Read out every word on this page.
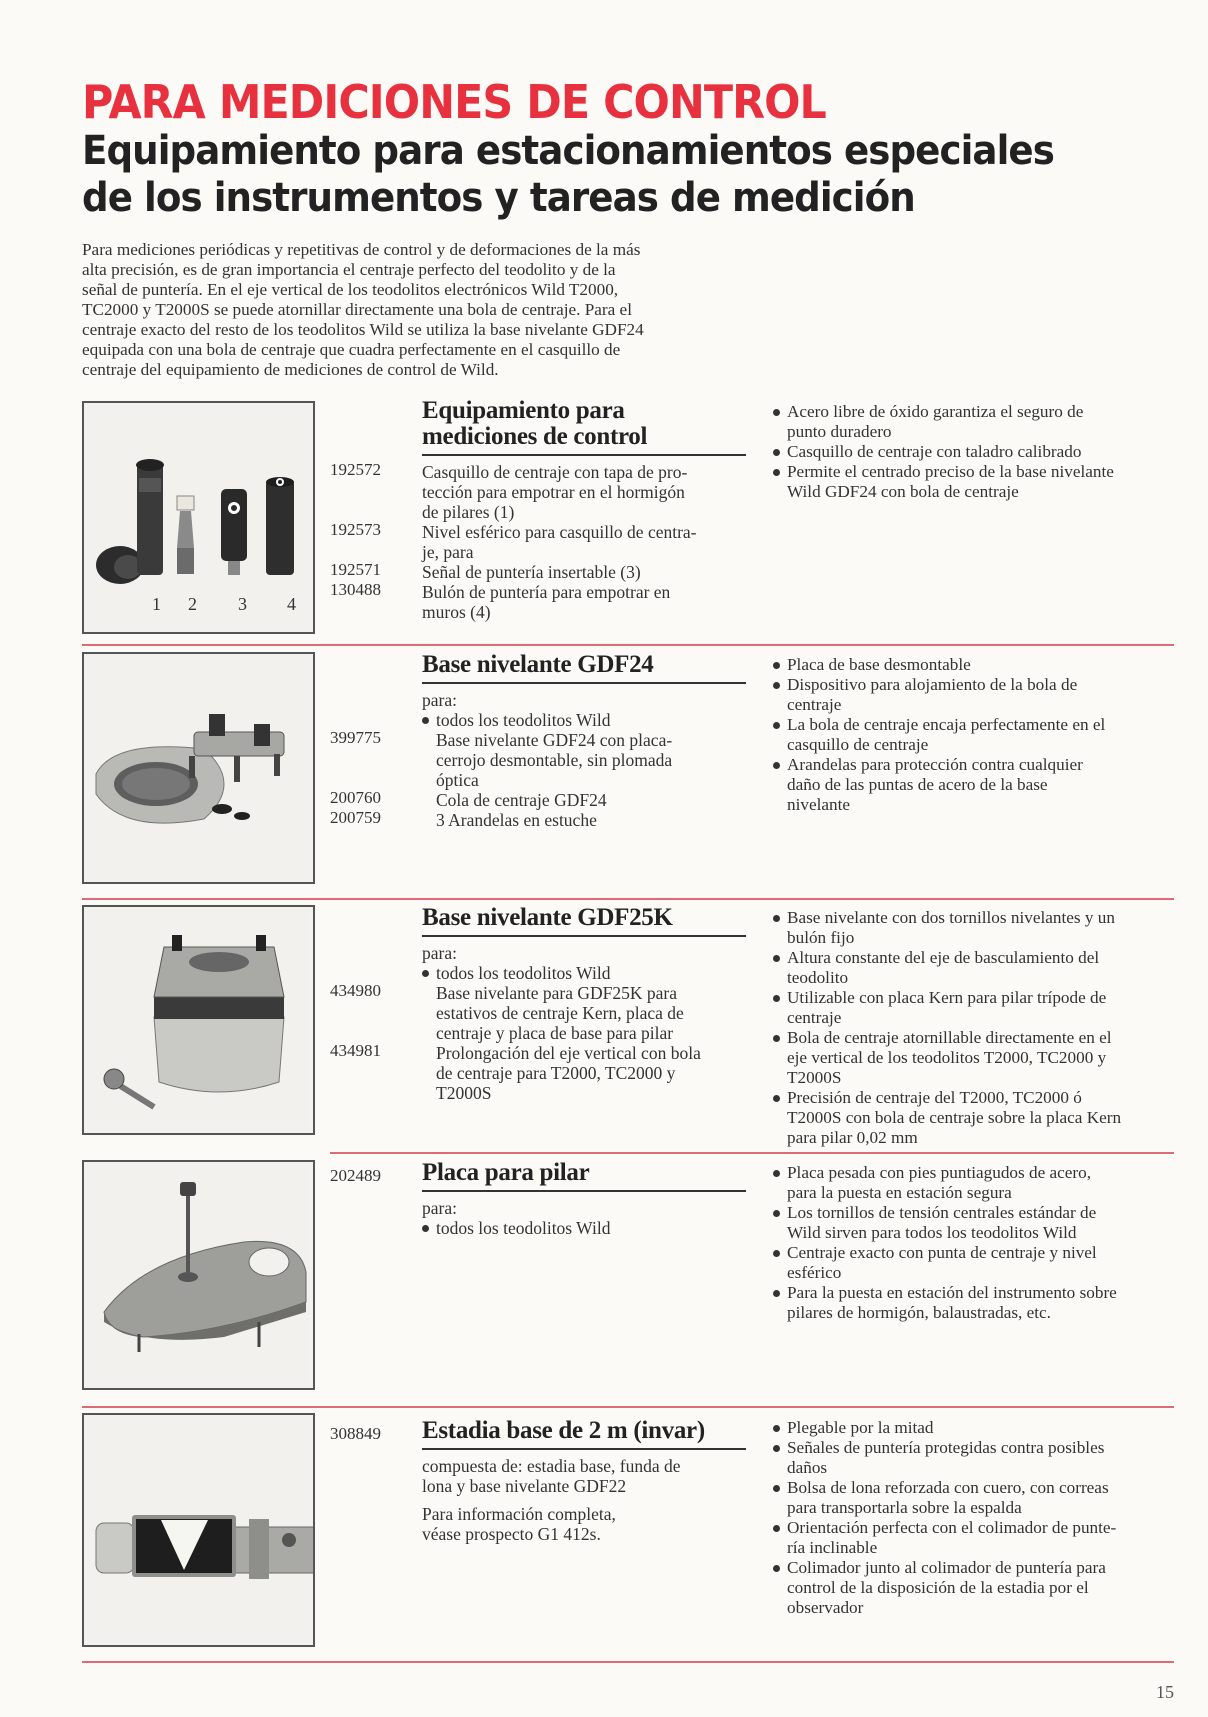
PARA MEDICIONES DE CONTROL
Equipamiento para estacionamientos especiales
de los instrumentos y tareas de medición
Para mediciones periódicas y repetitivas de control y de deformaciones de la más
alta precisión, es de gran importancia el centraje perfecto del teodolito y de la
señal de puntería. En el eje vertical de los teodolitos electrónicos Wild T2000,
TC2000 y T2000S se puede atornillar directamente una bola de centraje. Para el
centraje exacto del resto de los teodolitos Wild se utiliza la base nivelante GDF24
equipada con una bola de centraje que cuadra perfectamente en el casquillo de
centraje del equipamiento de mediciones de control de Wild.
1 2 3 4
Equipamiento para
mediciones de control
Casquillo de centraje con tapa de pro-
tección para empotrar en el hormigón
de pilares (1)
Nivel esférico para casquillo de centra-
je, para
Señal de puntería insertable (3)
Bulón de puntería para empotrar en
muros (4)
192572
192573
192571
130488
Acero libre de óxido garantiza el seguro de
punto duradero
Casquillo de centraje con taladro calibrado
Permite el centrado preciso de la base nivelante
Wild GDF24 con bola de centraje
Base nivelante GDF24
para:
todos los teodolitos Wild
Base nivelante GDF24 con placa-
cerrojo desmontable, sin plomada
óptica
Cola de centraje GDF24
3 Arandelas en estuche
399775
200760
200759
Placa de base desmontable
Dispositivo para alojamiento de la bola de
centraje
La bola de centraje encaja perfectamente en el
casquillo de centraje
Arandelas para protección contra cualquier
daño de las puntas de acero de la base
nivelante
Base nivelante GDF25K
para:
todos los teodolitos Wild
Base nivelante para GDF25K para
estativos de centraje Kern, placa de
centraje y placa de base para pilar
Prolongación del eje vertical con bola
de centraje para T2000, TC2000 y
T2000S
434980
434981
Base nivelante con dos tornillos nivelantes y un
bulón fijo
Altura constante del eje de basculamiento del
teodolito
Utilizable con placa Kern para pilar trípode de
centraje
Bola de centraje atornillable directamente en el
eje vertical de los teodolitos T2000, TC2000 y
T2000S
Precisión de centraje del T2000, TC2000 ó
T2000S con bola de centraje sobre la placa Kern
para pilar 0,02 mm
202489	Placa para pilar
para:
todos los teodolitos Wild
Placa pesada con pies puntiagudos de acero,
para la puesta en estación segura
Los tornillos de tensión centrales estándar de
Wild sirven para todos los teodolitos Wild
Centraje exacto con punta de centraje y nivel
esférico
Para la puesta en estación del instrumento sobre
pilares de hormigón, balaustradas, etc.
308849	Estadia base de 2 m (invar)
compuesta de: estadia base, funda de
lona y base nivelante GDF22
Para información completa,
véase prospecto G1 412s.
Plegable por la mitad
Señales de puntería protegidas contra posibles
daños
Bolsa de lona reforzada con cuero, con correas
para transportarla sobre la espalda
Orientación perfecta con el colimador de punte-
ría inclinable
Colimador junto al colimador de puntería para
control de la disposición de la estadia por el
observador
15
